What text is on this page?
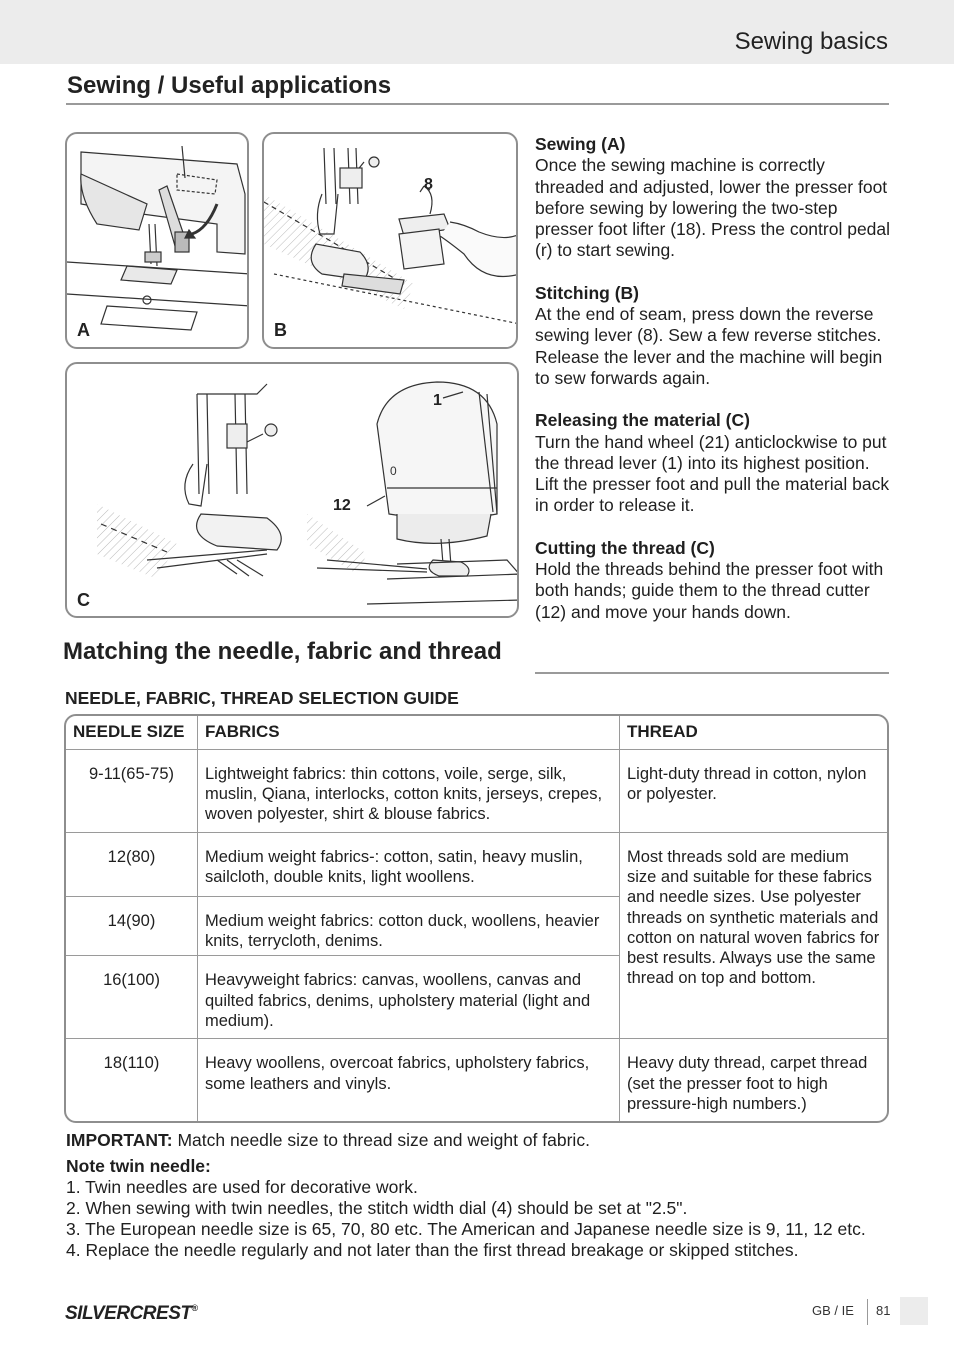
Sewing basics
Sewing / Useful applications
A
8
B
1
12
0
C
Sewing (A)
Once the sewing machine is correctly threaded and adjusted, lower the presser foot before sewing by lowering the two-step presser foot lifter (18). Press the control pedal (r) to start sewing.
Stitching (B)
At the end of seam, press down the reverse sewing lever (8). Sew a few reverse stitches. Release the lever and the machine will begin to sew forwards again.
Releasing the material (C)
Turn the hand wheel (21) anticlockwise to put the thread lever (1) into its highest position. Lift the presser foot and pull the material back in order to release it.
Cutting the thread (C)
Hold the threads behind the presser foot with both hands; guide them to the thread cutter (12) and move your hands down.
Matching the needle, fabric and thread
NEEDLE, FABRIC, THREAD SELECTION GUIDE
NEEDLE SIZE	FABRICS	THREAD
9-11(65-75)	Lightweight fabrics: thin cottons, voile, serge, silk, muslin, Qiana, interlocks, cotton knits, jerseys, crepes, woven polyester, shirt & blouse fabrics.	Light-duty thread in cotton, nylon or polyester.
12(80)	Medium weight fabrics-: cotton, satin, heavy muslin, sailcloth, double knits, light woollens.	Most threads sold are medium size and suitable for these fabrics and needle sizes. Use polyester threads on synthetic materials and cotton on natural woven fabrics for best results. Always use the same thread on top and bottom.
14(90)	Medium weight fabrics: cotton duck, woollens, heavier knits, terrycloth, denims.	
16(100)	Heavyweight fabrics: canvas, woollens, canvas and quilted fabrics, denims, upholstery material (light and medium).	
18(110)	Heavy woollens, overcoat fabrics, upholstery fabrics, some leathers and vinyls.	Heavy duty thread, carpet thread (set the presser foot to high pressure-high numbers.)
IMPORTANT: Match needle size to thread size and weight of fabric.
Note twin needle:
1. Twin needles are used for decorative work.
2. When sewing with twin needles, the stitch width dial (4) should be set at "2.5".
3. The European needle size is 65, 70, 80 etc. The American and Japanese needle size is 9, 11, 12 etc.
4. Replace the needle regularly and not later than the first thread breakage or skipped stitches.
SILVERCREST®	GB / IE 81
